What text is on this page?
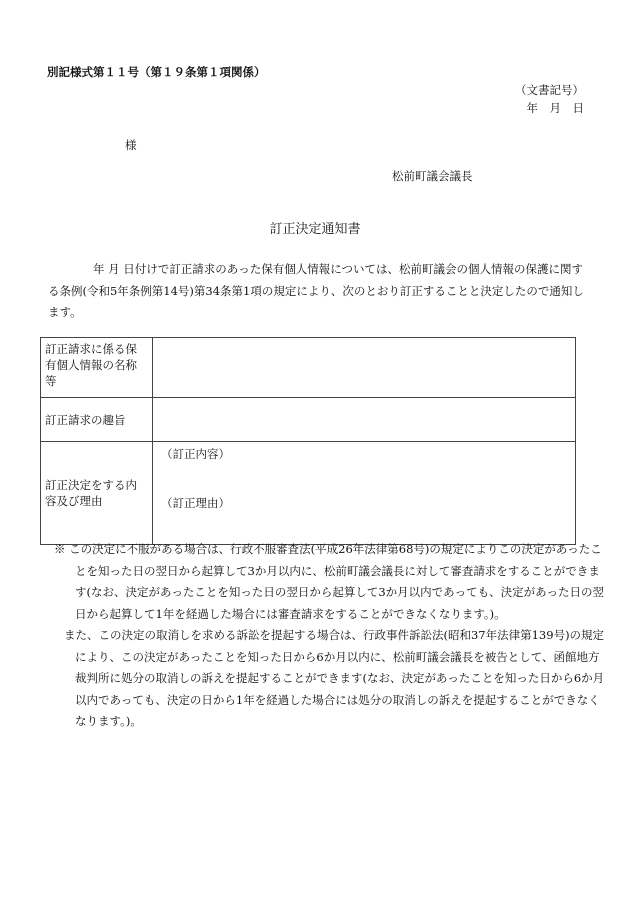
別記様式第１１号（第１９条第１項関係）
（文書記号）
年　月　日
様
松前町議会議長
訂正決定通知書
年 月 日付けで訂正請求のあった保有個人情報については、松前町議会の個人情報の保護に関する条例(令和5年条例第14号)第34条第1項の規定により、次のとおり訂正することと決定したので通知します。
訂正請求に係る保有個人情報の名称等	
訂正請求の趣旨	
訂正決定をする内容及び理由	（訂正内容）
（訂正理由）
※ この決定に不服がある場合は、行政不服審査法(平成26年法律第68号)の規定によりこの決定があったことを知った日の翌日から起算して3か月以内に、松前町議会議長に対して審査請求をすることができます(なお、決定があったことを知った日の翌日から起算して3か月以内であっても、決定があった日の翌日から起算して1年を経過した場合には審査請求をすることができなくなります。)。
また、この決定の取消しを求める訴訟を提起する場合は、行政事件訴訟法(昭和37年法律第139号)の規定により、この決定があったことを知った日から6か月以内に、松前町議会議長を被告として、函館地方裁判所に処分の取消しの訴えを提起することができます(なお、決定があったことを知った日から6か月以内であっても、決定の日から1年を経過した場合には処分の取消しの訴えを提起することができなくなります。)。
